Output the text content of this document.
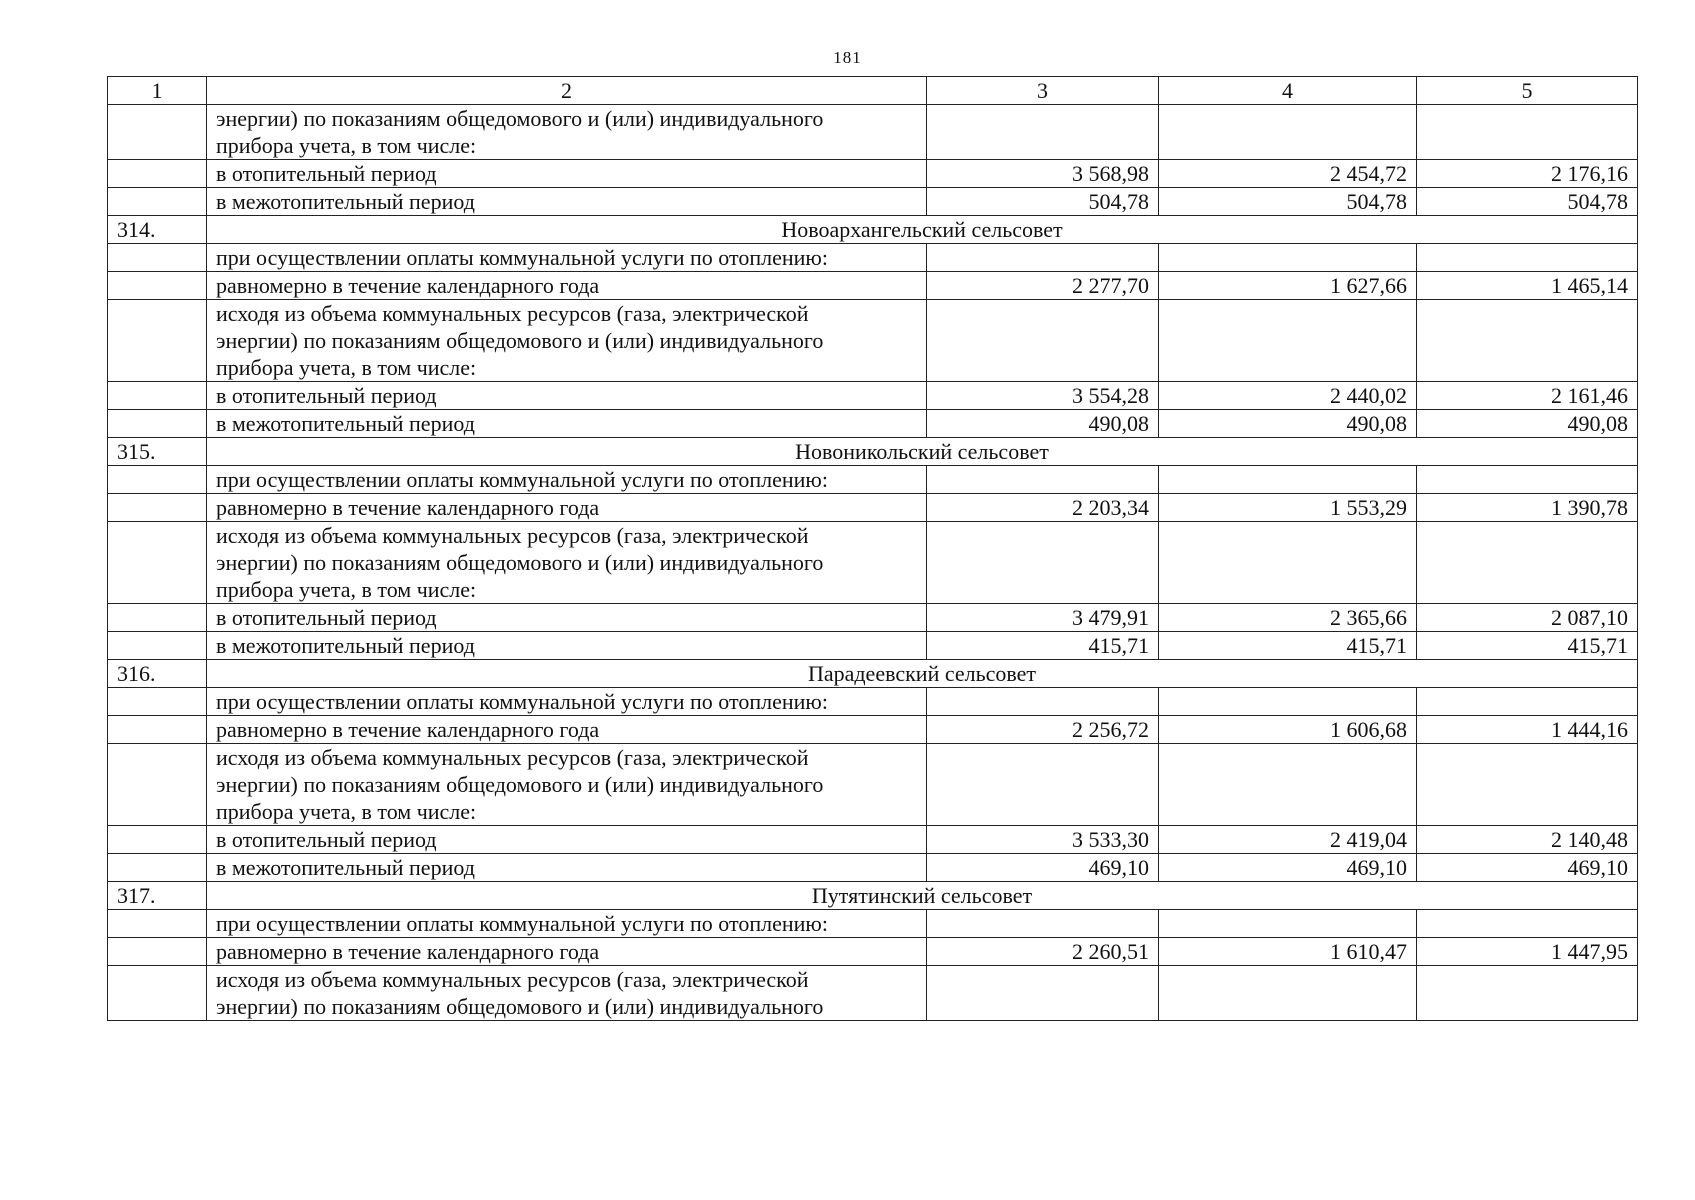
181
1	2	3	4	5

	энергии) по показаниям общедомового и (или) индивидуального
прибора учета, в том числе:			

	в отопительный период	3 568,98	2 454,72	2 176,16
	в межотопительный период	504,78	504,78	504,78
314.	Новоархангельский сельсовет			
	при осуществлении оплаты коммунальной услуги по отоплению:			
	равномерно в течение календарного года	2 277,70	1 627,66	1 465,14

	исходя из объема коммунальных ресурсов (газа, электрической
энергии) по показаниям общедомового и (или) индивидуального
прибора учета, в том числе:			

	в отопительный период	3 554,28	2 440,02	2 161,46
	в межотопительный период	490,08	490,08	490,08
315.	Новоникольский сельсовет			
	при осуществлении оплаты коммунальной услуги по отоплению:			
	равномерно в течение календарного года	2 203,34	1 553,29	1 390,78

	исходя из объема коммунальных ресурсов (газа, электрической
энергии) по показаниям общедомового и (или) индивидуального
прибора учета, в том числе:			

	в отопительный период	3 479,91	2 365,66	2 087,10
	в межотопительный период	415,71	415,71	415,71
316.	Парадеевский сельсовет			
	при осуществлении оплаты коммунальной услуги по отоплению:			
	равномерно в течение календарного года	2 256,72	1 606,68	1 444,16

	исходя из объема коммунальных ресурсов (газа, электрической
энергии) по показаниям общедомового и (или) индивидуального
прибора учета, в том числе:			

	в отопительный период	3 533,30	2 419,04	2 140,48
	в межотопительный период	469,10	469,10	469,10
317.	Путятинский сельсовет			
	при осуществлении оплаты коммунальной услуги по отоплению:			
	равномерно в течение календарного года	2 260,51	1 610,47	1 447,95

	исходя из объема коммунальных ресурсов (газа, электрической
энергии) по показаниям общедомового и (или) индивидуального			
